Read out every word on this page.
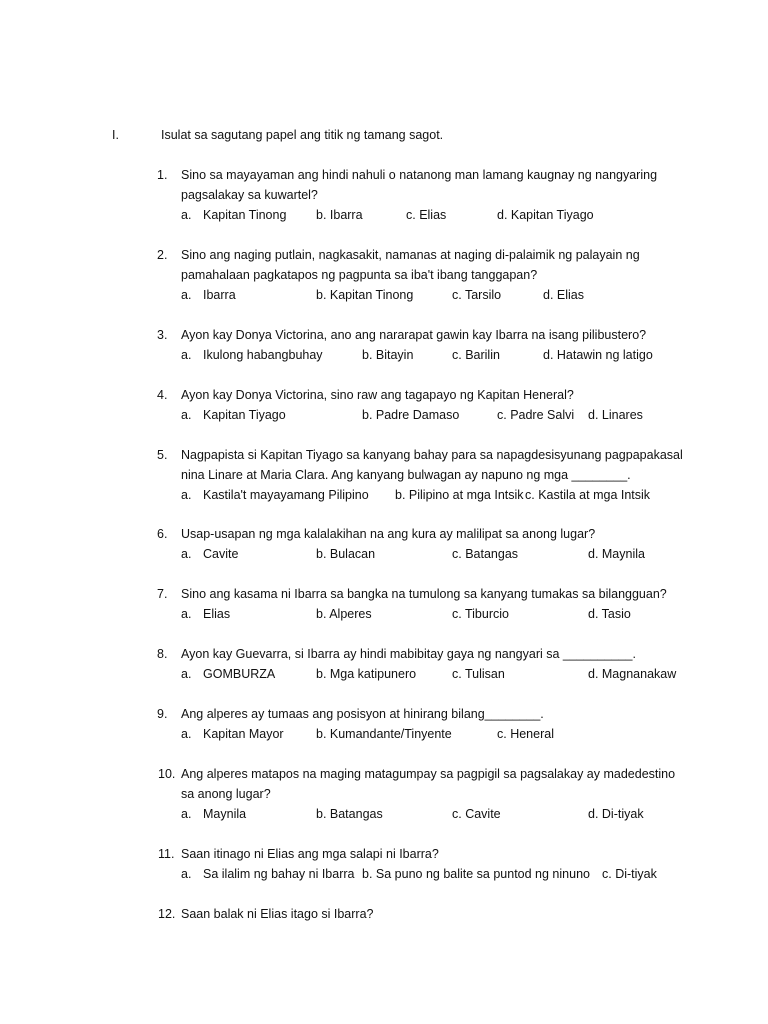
I.	Isulat sa sagutang papel ang titik ng tamang sagot.
1. Sino sa mayayaman ang hindi nahuli o natanong man lamang kaugnay ng nangyaring
pagsalakay sa kuwartel?
a. Kapitan Tinong b. Ibarra	c. Elias	d. Kapitan Tiyago
2. Sino ang naging putlain, nagkasakit, namanas at naging di-palaimik ng palayain ng
pamahalaan pagkatapos ng pagpunta sa iba't ibang tanggapan?
a. Ibarra	b. Kapitan Tinong	c. Tarsilo	d. Elias
3. Ayon kay Donya Victorina, ano ang nararapat gawin kay Ibarra na isang pilibustero?
a. Ikulong habangbuhay	b. Bitayin	c. Barilin	d. Hatawin ng latigo
4. Ayon kay Donya Victorina, sino raw ang tagapayo ng Kapitan Heneral?
a. Kapitan Tiyago	b. Padre Damaso	c. Padre Salvi d. Linares
5. Nagpapista si Kapitan Tiyago sa kanyang bahay para sa napagdesisyunang pagpapakasal
nina Linare at Maria Clara. Ang kanyang bulwagan ay napuno ng mga ________.
a. Kastila't mayayamang Pilipino b. Pilipino at mga Intsik c. Kastila at mga Intsik
6. Usap-usapan ng mga kalalakihan na ang kura ay malilipat sa anong lugar?
a. Cavite	b. Bulacan	c. Batangas	d. Maynila
7. Sino ang kasama ni Ibarra sa bangka na tumulong sa kanyang tumakas sa bilangguan?
a. Elias	b. Alperes	c. Tiburcio	d. Tasio
8. Ayon kay Guevarra, si Ibarra ay hindi mabibitay gaya ng nangyari sa __________.
a. GOMBURZA	b. Mga katipunero	c. Tulisan	d. Magnanakaw
9. Ang alperes ay tumaas ang posisyon at hinirang bilang________.
a. Kapitan Mayor	b. Kumandante/Tinyente	c. Heneral
10. Ang alperes matapos na maging matagumpay sa pagpigil sa pagsalakay ay madedestino
sa anong lugar?
a. Maynila	b. Batangas	c. Cavite	d. Di-tiyak
11. Saan itinago ni Elias ang mga salapi ni Ibarra?
a. Sa ilalim ng bahay ni Ibarra b. Sa puno ng balite sa puntod ng ninuno c. Di-tiyak
12. Saan balak ni Elias itago si Ibarra?
